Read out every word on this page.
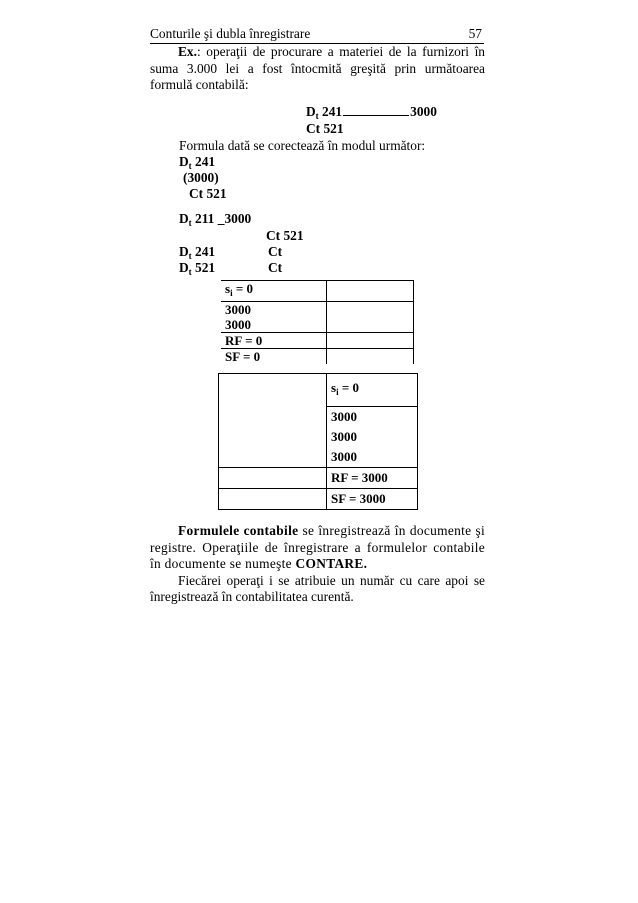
Conturile şi dubla înregistrare	57

Ex.: operaţii de procurare a materiei de la furnizori în suma 3.000 lei a fost întocmită greşită prin următoarea formulă contabilă:

$D_t$ 241	3000
Ct 521
Formula dată se corectează în modul următor:
$D_t$ 241
(3000)
Ct 521
$D_t$ 211 _3000
Ct 521
$D_t$ 241	Ct
$D_t$ 521	Ct
$s_i = 0$	
3000	
3000	
RF = 0	
SF = 0	
	$s_i = 0$
	3000
	3000
	3000
	RF = 3000
	SF = 3000

Formulele contabile se înregistrează în documente şi registre. Operaţiile de înregistrare a formulelor contabile în documente se numeşte CONTARE.

Fiecărei operaţi i se atribuie un număr cu care apoi se înregistrează în contabilitatea curentă.
